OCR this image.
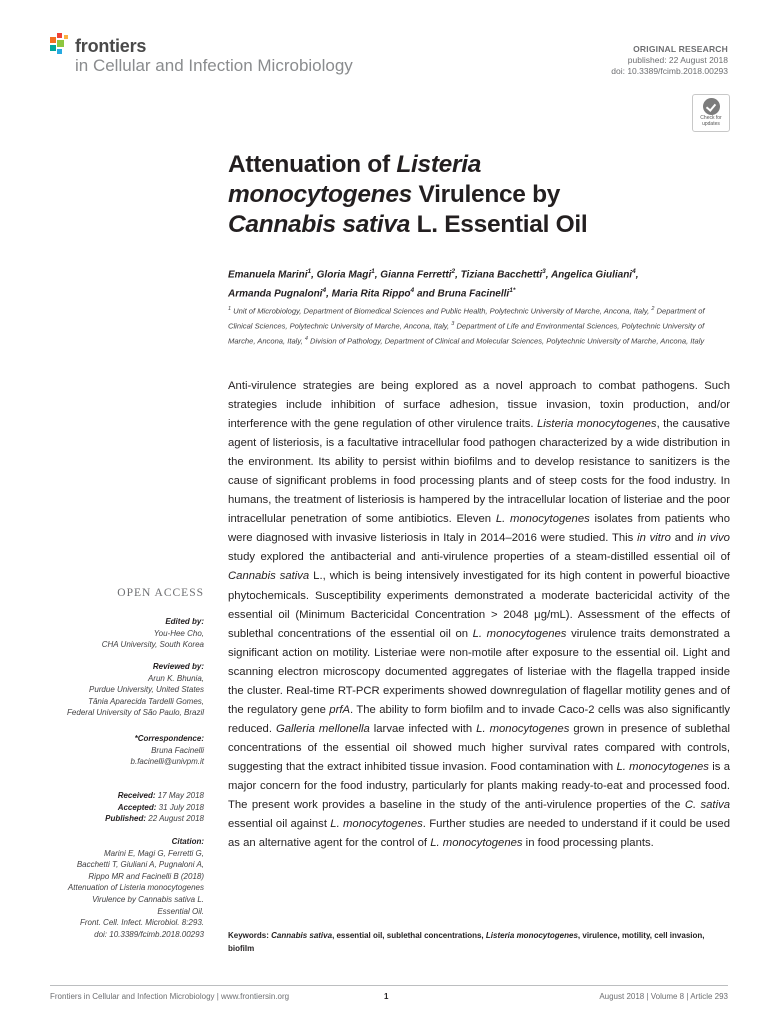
frontiers
in Cellular and Infection Microbiology
ORIGINAL RESEARCH
published: 22 August 2018
doi: 10.3389/fcimb.2018.00293
Check for
updates
Attenuation of Listeria
monocytogenes Virulence by
Cannabis sativa L. Essential Oil
Emanuela Marini$^1$, Gloria Magi$^1$, Gianna Ferretti$^2$, Tiziana Bacchetti$^3$, Angelica Giuliani$^4$,
Armanda Pugnaloni$^4$, Maria Rita Rippo$^4$ and Bruna Facinelli$^{1*}$
$^1$ Unit of Microbiology, Department of Biomedical Sciences and Public Health, Polytechnic University of Marche, Ancona, Italy, $^2$ Department of Clinical Sciences, Polytechnic University of Marche, Ancona, Italy, $^3$ Department of Life and Environmental Sciences, Polytechnic University of Marche, Ancona, Italy, $^4$ Division of Pathology, Department of Clinical and Molecular Sciences, Polytechnic University of Marche, Ancona, Italy

Anti-virulence strategies are being explored as a novel approach to combat pathogens. Such strategies include inhibition of surface adhesion, tissue invasion, toxin production, and/or interference with the gene regulation of other virulence traits. Listeria monocytogenes, the causative agent of listeriosis, is a facultative intracellular food pathogen characterized by a wide distribution in the environment. Its ability to persist within biofilms and to develop resistance to sanitizers is the cause of significant problems in food processing plants and of steep costs for the food industry. In humans, the treatment of listeriosis is hampered by the intracellular location of listeriae and the poor intracellular penetration of some antibiotics. Eleven L. monocytogenes isolates from patients who were diagnosed with invasive listeriosis in Italy in 2014–2016 were studied. This in vitro and in vivo study explored the antibacterial and anti-virulence properties of a steam-distilled essential oil of Cannabis sativa L., which is being intensively investigated for its high content in powerful bioactive phytochemicals. Susceptibility experiments demonstrated a moderate bactericidal activity of the essential oil (Minimum Bactericidal Concentration > 2048 μg/mL). Assessment of the effects of sublethal concentrations of the essential oil on L. monocytogenes virulence traits demonstrated a significant action on motility. Listeriae were non-motile after exposure to the essential oil. Light and scanning electron microscopy documented aggregates of listeriae with the flagella trapped inside the cluster. Real-time RT-PCR experiments showed downregulation of flagellar motility genes and of the regulatory gene prfA. The ability to form biofilm and to invade Caco-2 cells was also significantly reduced. Galleria mellonella larvae infected with L. monocytogenes grown in presence of sublethal concentrations of the essential oil showed much higher survival rates compared with controls, suggesting that the extract inhibited tissue invasion. Food contamination with L. monocytogenes is a major concern for the food industry, particularly for plants making ready-to-eat and processed food. The present work provides a baseline in the study of the anti-virulence properties of the C. sativa essential oil against L. monocytogenes. Further studies are needed to understand if it could be used as an alternative agent for the control of L. monocytogenes in food processing plants.

Keywords: Cannabis sativa, essential oil, sublethal concentrations, Listeria monocytogenes, virulence, motility, cell invasion, biofilm
OPEN ACCESS
Edited by:
You-Hee Cho,
CHA University, South Korea
Reviewed by:
Arun K. Bhunia,
Purdue University, United States
Tânia Aparecida Tardelli Gomes,
Federal University of São Paulo, Brazil
*Correspondence:
Bruna Facinelli
b.facinelli@univpm.it
Received: 17 May 2018
Accepted: 31 July 2018
Published: 22 August 2018
Citation:
Marini E, Magi G, Ferretti G,
Bacchetti T, Giuliani A, Pugnaloni A,
Rippo MR and Facinelli B (2018)
Attenuation of Listeria monocytogenes
Virulence by Cannabis sativa L.
Essential Oil.
Front. Cell. Infect. Microbiol. 8:293.
doi: 10.3389/fcimb.2018.00293
Frontiers in Cellular and Infection Microbiology | www.frontiersin.org	1	August 2018 | Volume 8 | Article 293
